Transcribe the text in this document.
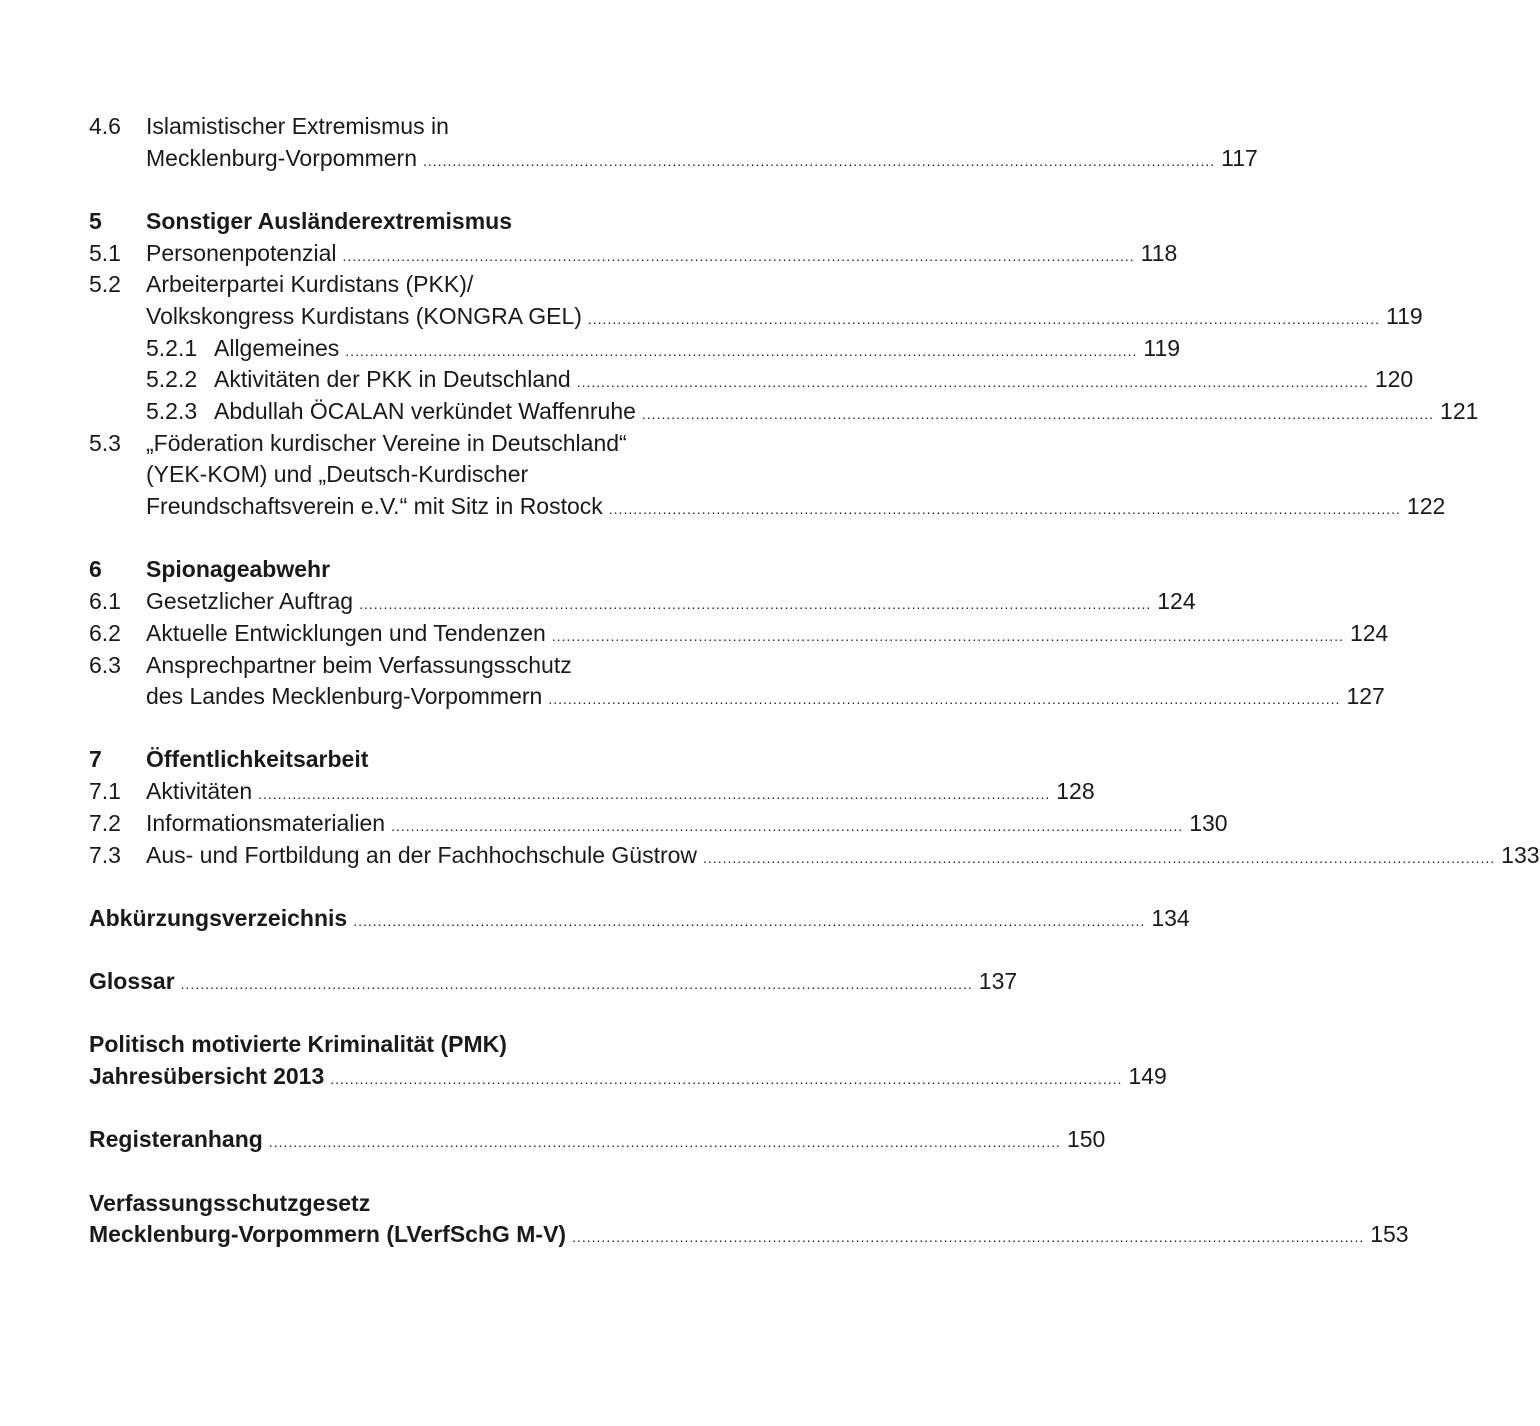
4.6 Islamistischer Extremismus in
Mecklenburg-Vorpommern .................................................................................................................................................................. 117
5 Sonstiger Ausländerextremismus
5.1 Personenpotenzial .................................................................................................................................................................. 118
5.2 Arbeiterpartei Kurdistans (PKK)/
Volkskongress Kurdistans (KONGRA GEL) .................................................................................................................................................................. 119
5.2.1 Allgemeines .................................................................................................................................................................. 119
5.2.2 Aktivitäten der PKK in Deutschland .................................................................................................................................................................. 120
5.2.3 Abdullah ÖCALAN verkündet Waffenruhe .................................................................................................................................................................. 121
5.3 „Föderation kurdischer Vereine in Deutschland“
(YEK-KOM) und „Deutsch-Kurdischer
Freundschaftsverein e.V.“ mit Sitz in Rostock .................................................................................................................................................................. 122
6 Spionageabwehr
6.1 Gesetzlicher Auftrag .................................................................................................................................................................. 124
6.2 Aktuelle Entwicklungen und Tendenzen .................................................................................................................................................................. 124
6.3 Ansprechpartner beim Verfassungsschutz
des Landes Mecklenburg-Vorpommern .................................................................................................................................................................. 127
7 Öffentlichkeitsarbeit
7.1 Aktivitäten .................................................................................................................................................................. 128
7.2 Informationsmaterialien .................................................................................................................................................................. 130
7.3 Aus- und Fortbildung an der Fachhochschule Güstrow .................................................................................................................................................................. 133
Abkürzungsverzeichnis .................................................................................................................................................................. 134
Glossar .................................................................................................................................................................. 137
Politisch motivierte Kriminalität (PMK)
Jahresübersicht 2013 .................................................................................................................................................................. 149
Registeranhang .................................................................................................................................................................. 150
Verfassungsschutzgesetz
Mecklenburg-Vorpommern (LVerfSchG M-V) .................................................................................................................................................................. 153
